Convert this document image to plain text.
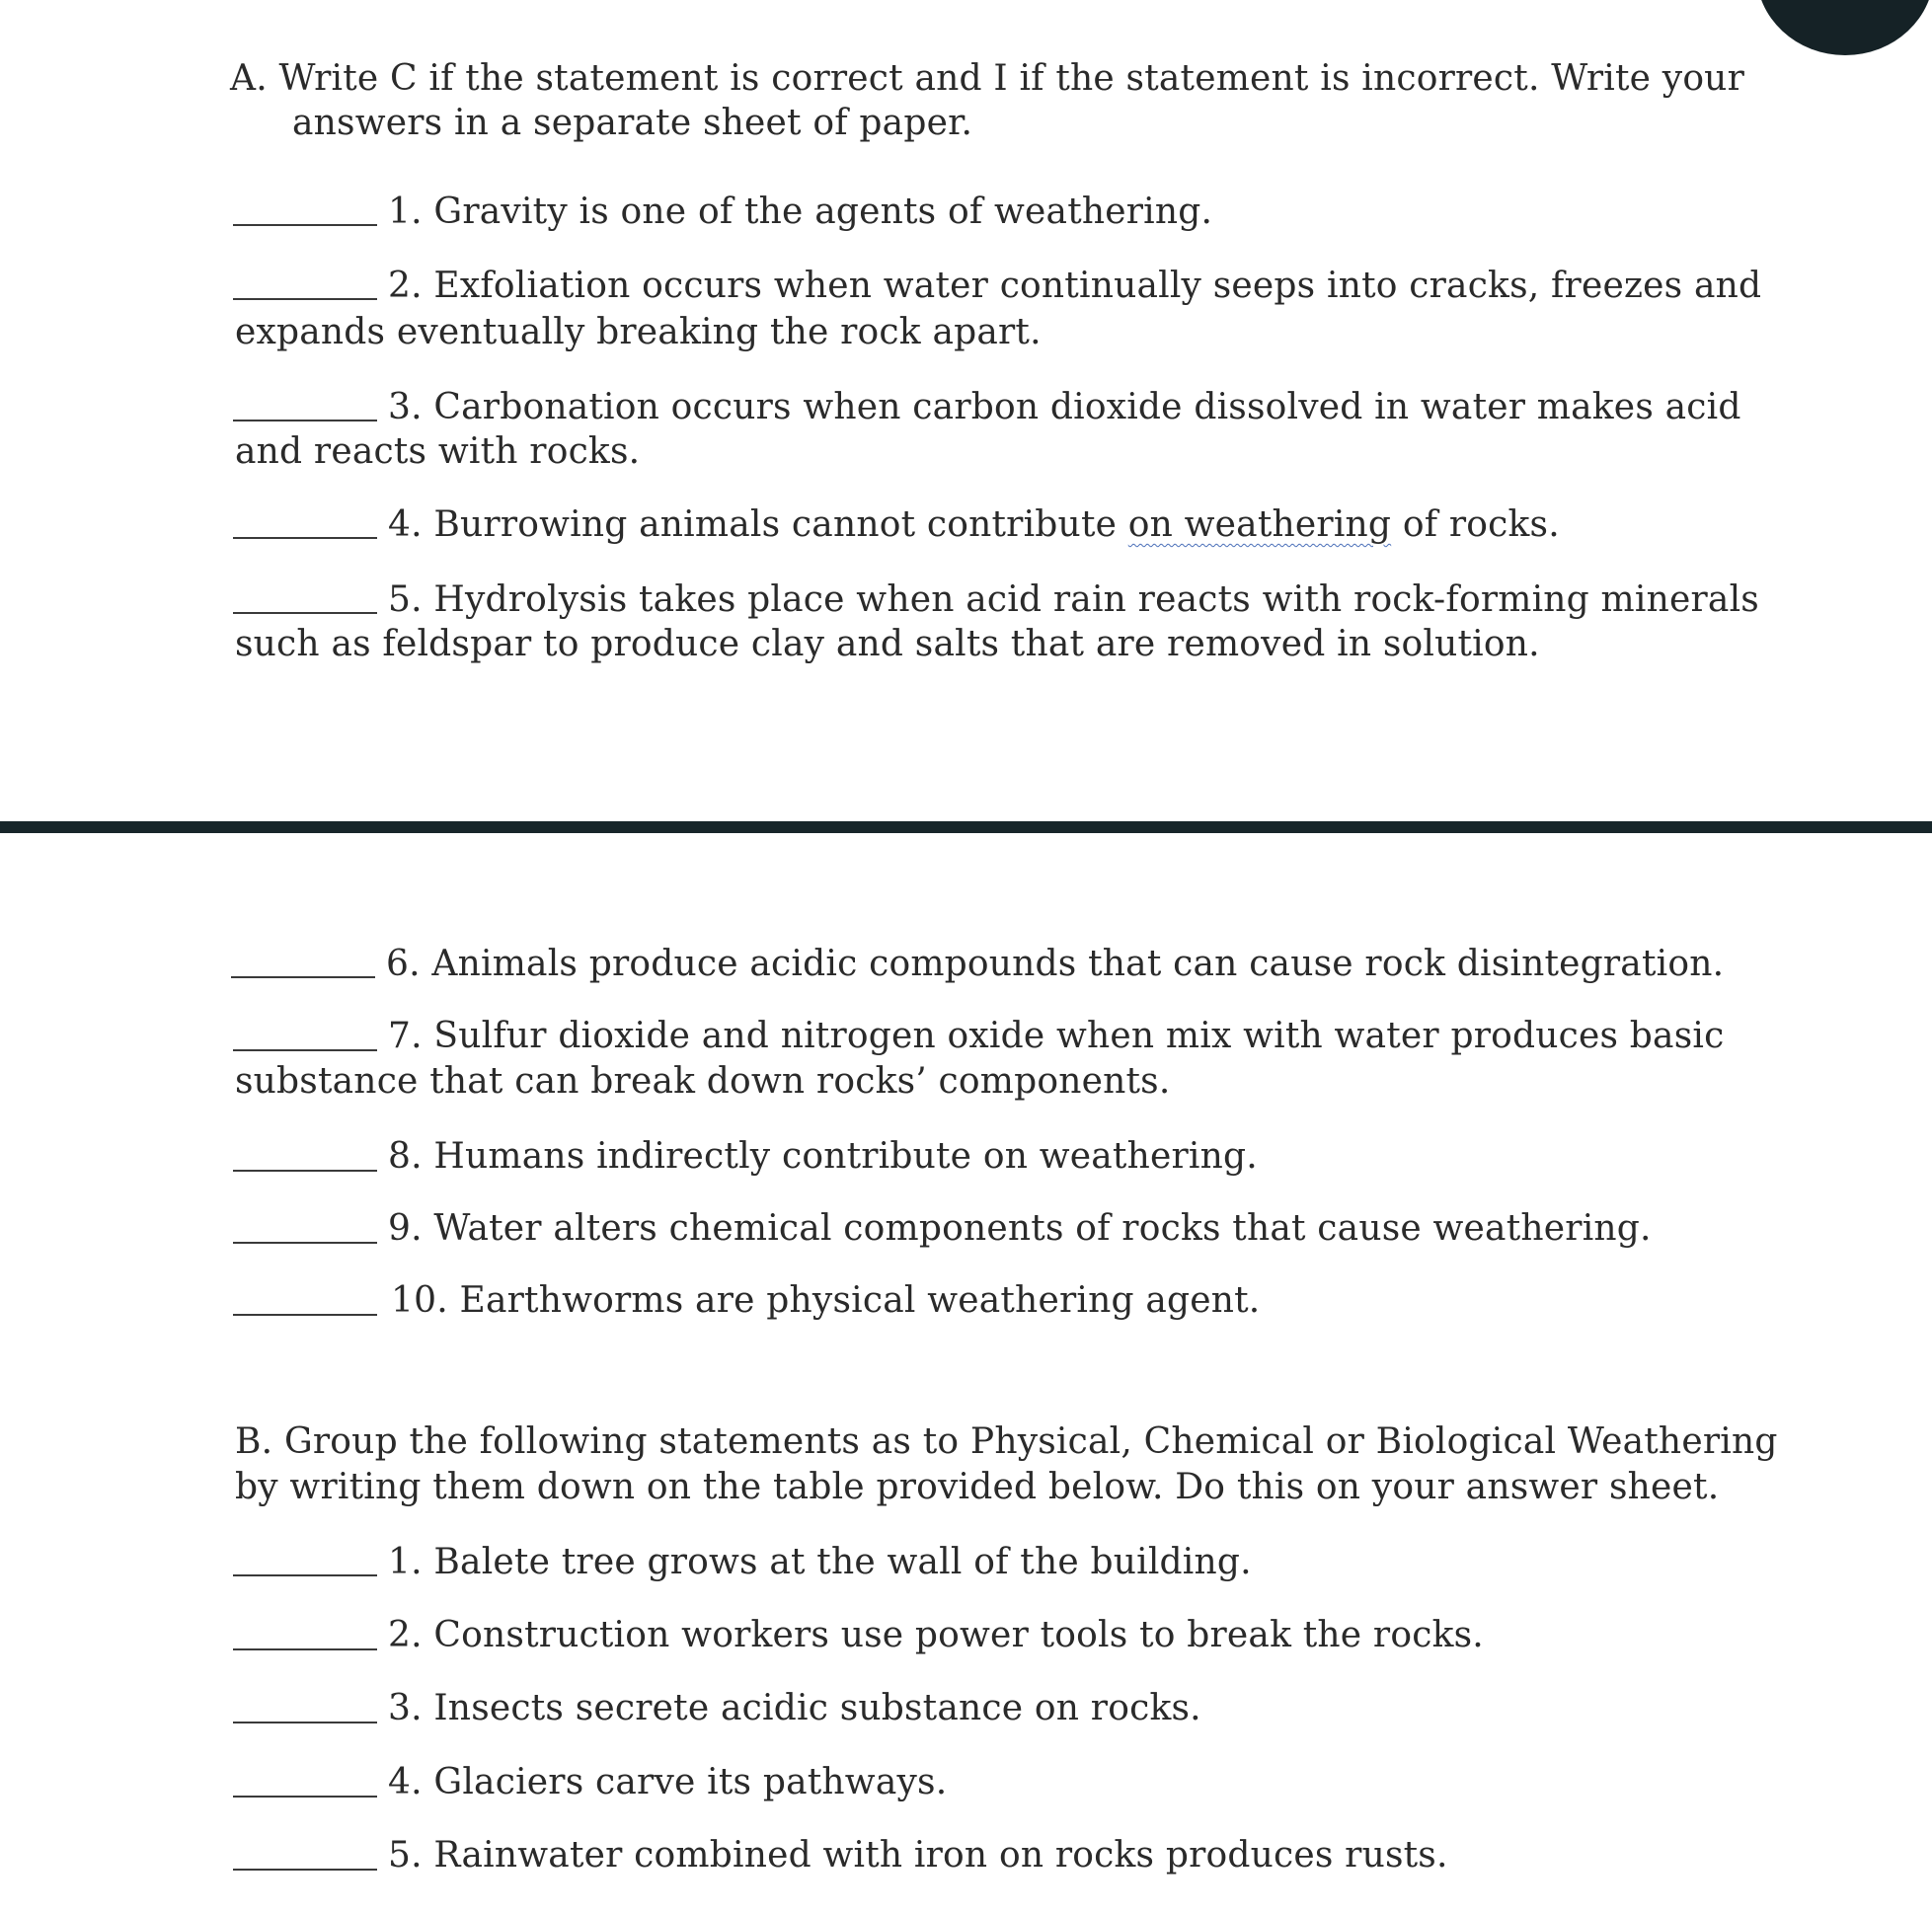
A. Write C if the statement is correct and I if the statement is incorrect. Write your
answers in a separate sheet of paper.
1. Gravity is one of the agents of weathering.
2. Exfoliation occurs when water continually seeps into cracks, freezes and
expands eventually breaking the rock apart.
3. Carbonation occurs when carbon dioxide dissolved in water makes acid
and reacts with rocks.
4. Burrowing animals cannot contribute on weathering of rocks.
5. Hydrolysis takes place when acid rain reacts with rock-forming minerals
such as feldspar to produce clay and salts that are removed in solution.
6. Animals produce acidic compounds that can cause rock disintegration.
7. Sulfur dioxide and nitrogen oxide when mix with water produces basic
substance that can break down rocks’ components.
8. Humans indirectly contribute on weathering.
9. Water alters chemical components of rocks that cause weathering.
10. Earthworms are physical weathering agent.
B. Group the following statements as to Physical, Chemical or Biological Weathering
by writing them down on the table provided below. Do this on your answer sheet.
1. Balete tree grows at the wall of the building.
2. Construction workers use power tools to break the rocks.
3. Insects secrete acidic substance on rocks.
4. Glaciers carve its pathways.
5. Rainwater combined with iron on rocks produces rusts.
